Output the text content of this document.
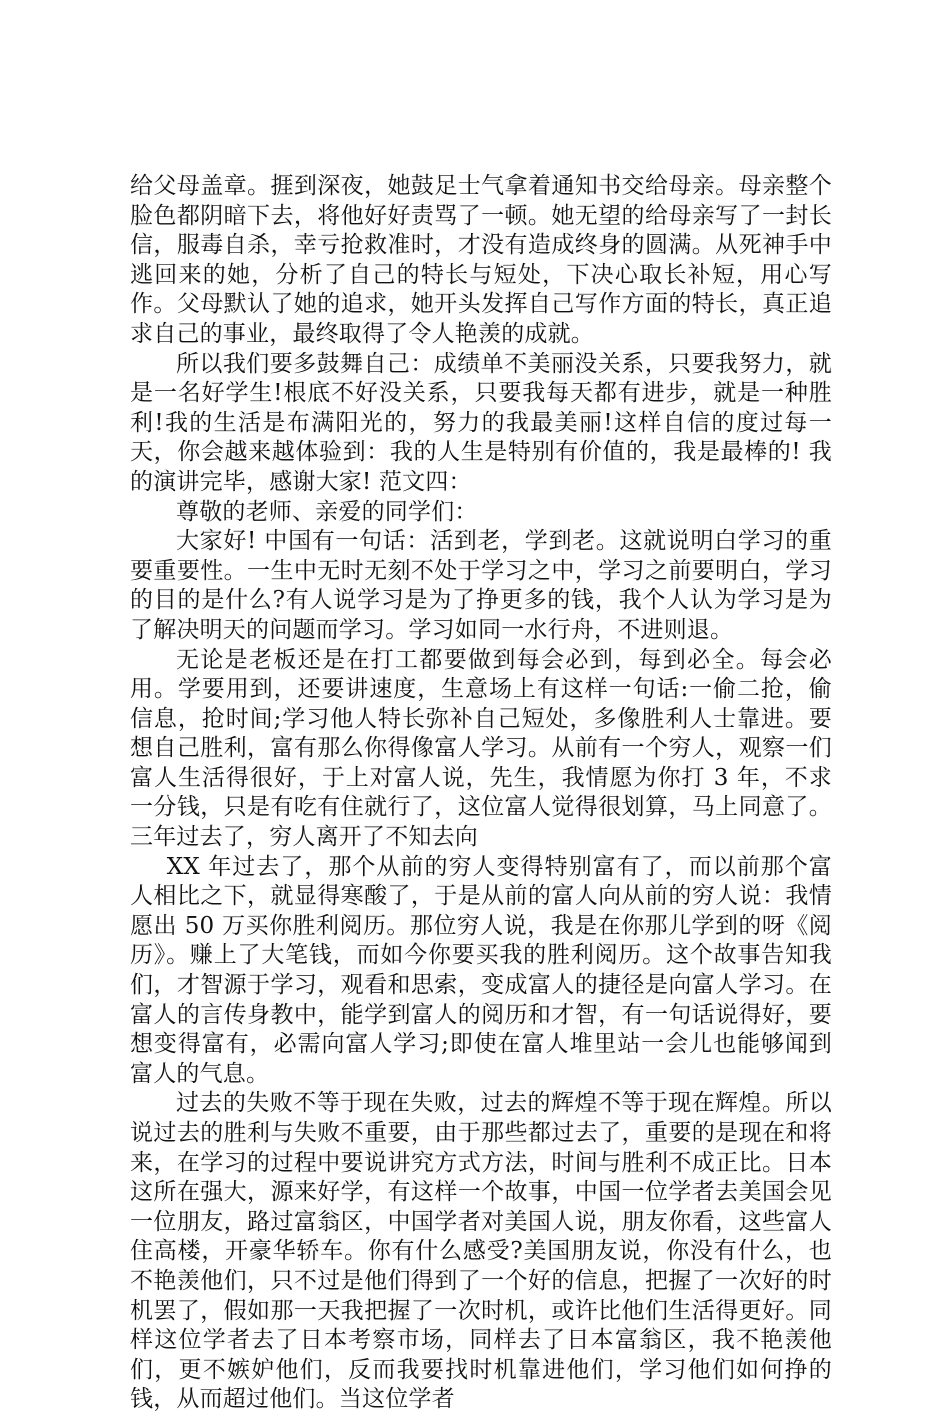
给父母盖章。捱到深夜，她鼓足士气拿着通知书交给母亲。母亲整个脸色都阴暗下去，将他好好责骂了一顿。她无望的给母亲写了一封长信，服毒自杀，幸亏抢救准时，才没有造成终身的圆满。从死神手中逃回来的她，分析了自己的特长与短处，下决心取长补短，用心写作。父母默认了她的追求，她开头发挥自己写作方面的特长，真正追求自己的事业，最终取得了令人艳羡的成就。

所以我们要多鼓舞自己：成绩单不美丽没关系，只要我努力，就是一名好学生!根底不好没关系，只要我每天都有进步，就是一种胜利!我的生活是布满阳光的，努力的我最美丽!这样自信的度过每一天，你会越来越体验到：我的人生是特别有价值的，我是最棒的! 我的演讲完毕，感谢大家! 范文四：

尊敬的老师、亲爱的同学们：

大家好! 中国有一句话：活到老，学到老。这就说明白学习的重要重要性。一生中无时无刻不处于学习之中，学习之前要明白，学习的目的是什么?有人说学习是为了挣更多的钱，我个人认为学习是为了解决明天的问题而学习。学习如同一水行舟，不进则退。

无论是老板还是在打工都要做到每会必到，每到必全。每会必用。学要用到，还要讲速度，生意场上有这样一句话:一偷二抢，偷信息，抢时间;学习他人特长弥补自己短处，多像胜利人士靠进。要想自己胜利，富有那么你得像富人学习。从前有一个穷人，观察一们富人生活得很好，于上对富人说，先生，我情愿为你打 3 年，不求一分钱，只是有吃有住就行了，这位富人觉得很划算，马上同意了。三年过去了，穷人离开了不知去向

XX 年过去了，那个从前的穷人变得特别富有了，而以前那个富人相比之下，就显得寒酸了，于是从前的富人向从前的穷人说：我情愿出 50 万买你胜利阅历。那位穷人说，我是在你那儿学到的呀《阅历》。赚上了大笔钱，而如今你要买我的胜利阅历。这个故事告知我们，才智源于学习，观看和思索，变成富人的捷径是向富人学习。在富人的言传身教中，能学到富人的阅历和才智，有一句话说得好，要想变得富有，必需向富人学习;即使在富人堆里站一会儿也能够闻到富人的气息。

过去的失败不等于现在失败，过去的辉煌不等于现在辉煌。所以说过去的胜利与失败不重要，由于那些都过去了，重要的是现在和将来，在学习的过程中要说讲究方式方法，时间与胜利不成正比。日本这所在强大，源来好学，有这样一个故事，中国一位学者去美国会见一位朋友，路过富翁区，中国学者对美国人说，朋友你看，这些富人住高楼，开豪华轿车。你有什么感受?美国朋友说，你没有什么，也不艳羡他们，只不过是他们得到了一个好的信息，把握了一次好的时机罢了，假如那一天我把握了一次时机，或许比他们生活得更好。同样这位学者去了日本考察市场，同样去了日本富翁区，我不艳羡他们，更不嫉妒他们，反而我要找时机靠进他们，学习他们如何挣的钱，从而超过他们。当这位学者
